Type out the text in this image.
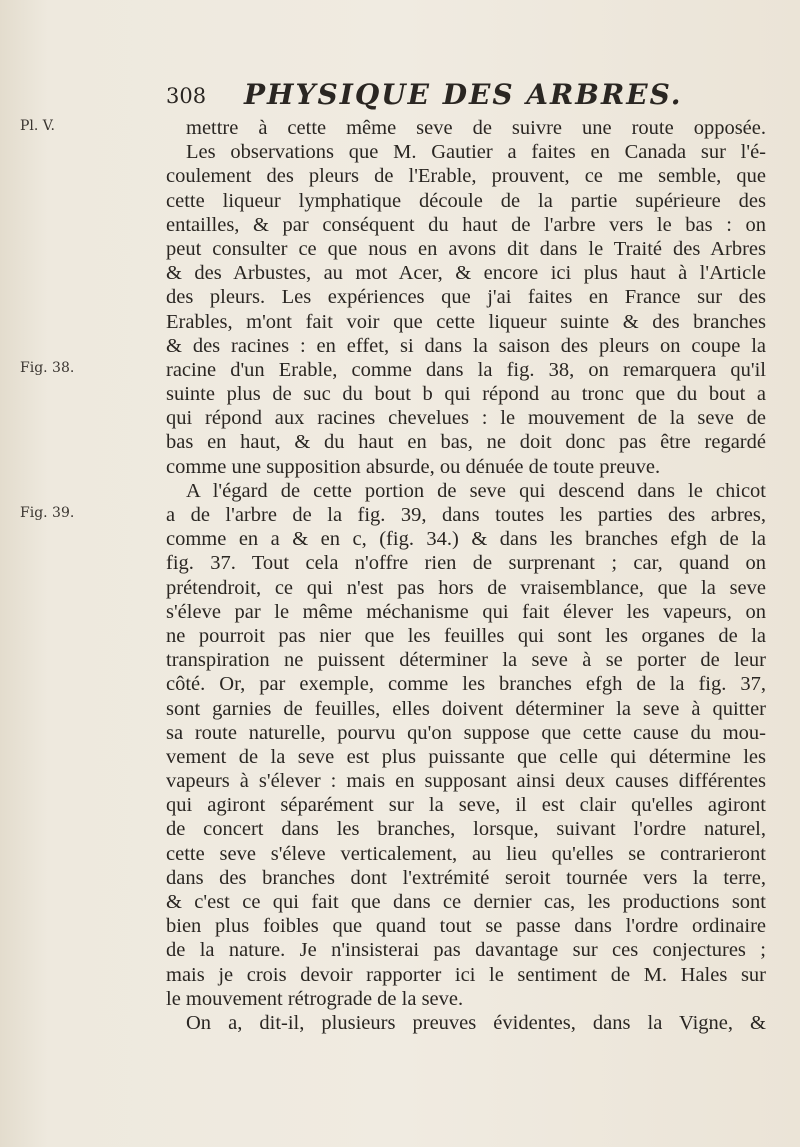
308 PHYSIQUE DES ARBRES.
Pl. V.
Fig. 38.
Fig. 39.
mettre à cette même seve de suivre une route opposée.
Les observations que M. Gautier a faites en Canada sur l'é-
coulement des pleurs de l'Erable, prouvent, ce me semble, que
cette liqueur lymphatique découle de la partie supérieure des
entailles, & par conséquent du haut de l'arbre vers le bas : on
peut consulter ce que nous en avons dit dans le Traité des Arbres
& des Arbustes, au mot Acer, & encore ici plus haut à l'Article
des pleurs. Les expériences que j'ai faites en France sur des
Erables, m'ont fait voir que cette liqueur suinte & des branches
& des racines : en effet, si dans la saison des pleurs on coupe la
racine d'un Erable, comme dans la fig. 38, on remarquera qu'il
suinte plus de suc du bout b qui répond au tronc que du bout a
qui répond aux racines chevelues : le mouvement de la seve de
bas en haut, & du haut en bas, ne doit donc pas être regardé
comme une supposition absurde, ou dénuée de toute preuve.
A l'égard de cette portion de seve qui descend dans le chicot
a de l'arbre de la fig. 39, dans toutes les parties des arbres,
comme en a & en c, (fig. 34.) & dans les branches efgh de la
fig. 37. Tout cela n'offre rien de surprenant ; car, quand on
prétendroit, ce qui n'est pas hors de vraisemblance, que la seve
s'éleve par le même méchanisme qui fait élever les vapeurs, on
ne pourroit pas nier que les feuilles qui sont les organes de la
transpiration ne puissent déterminer la seve à se porter de leur
côté. Or, par exemple, comme les branches efgh de la fig. 37,
sont garnies de feuilles, elles doivent déterminer la seve à quitter
sa route naturelle, pourvu qu'on suppose que cette cause du mou-
vement de la seve est plus puissante que celle qui détermine les
vapeurs à s'élever : mais en supposant ainsi deux causes différentes
qui agiront séparément sur la seve, il est clair qu'elles agiront
de concert dans les branches, lorsque, suivant l'ordre naturel,
cette seve s'éleve verticalement, au lieu qu'elles se contrarieront
dans des branches dont l'extrémité seroit tournée vers la terre,
& c'est ce qui fait que dans ce dernier cas, les productions sont
bien plus foibles que quand tout se passe dans l'ordre ordinaire
de la nature. Je n'insisterai pas davantage sur ces conjectures ;
mais je crois devoir rapporter ici le sentiment de M. Hales sur
le mouvement rétrograde de la seve.
On a, dit-il, plusieurs preuves évidentes, dans la Vigne, &
